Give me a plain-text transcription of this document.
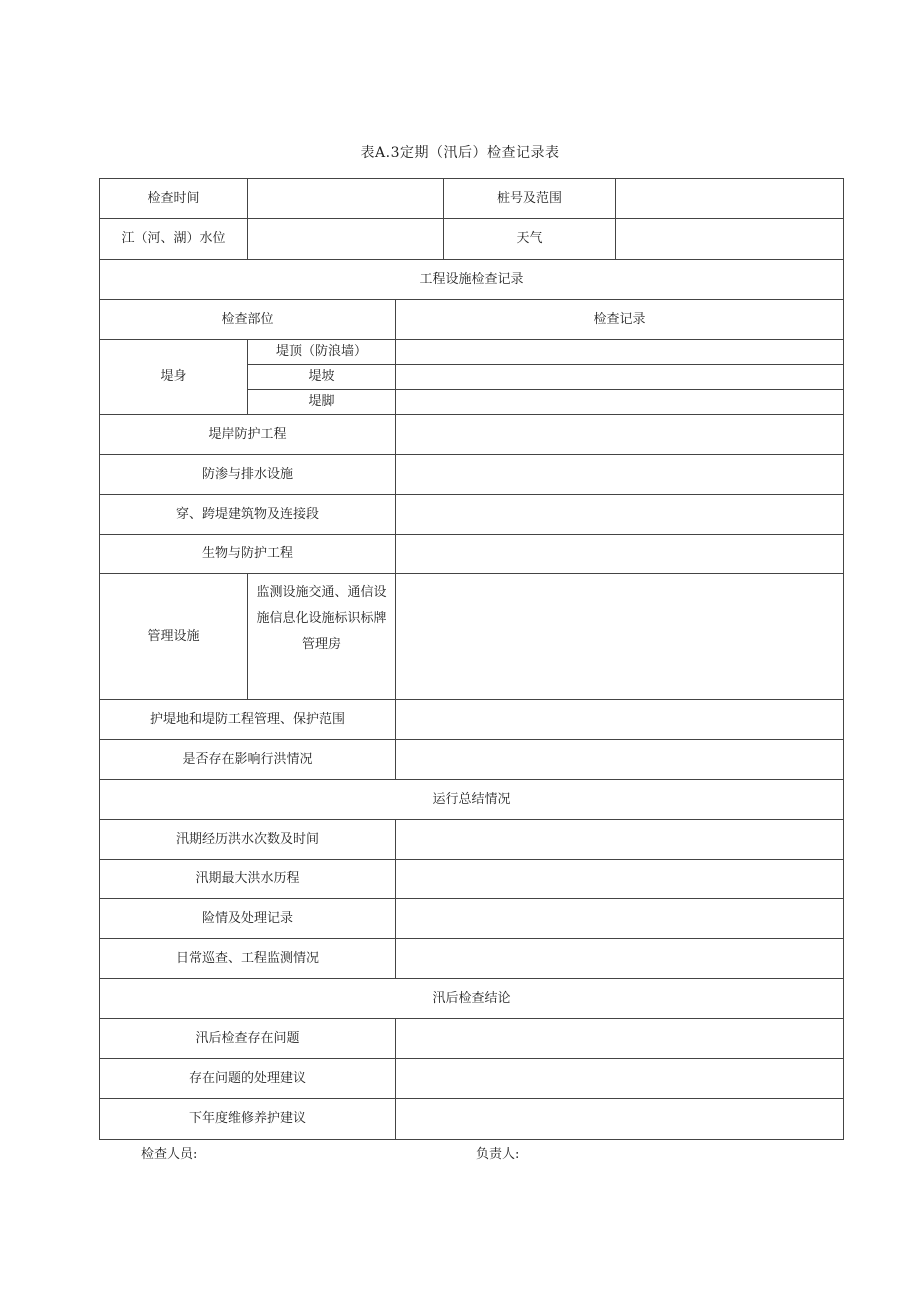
表A.3定期（汛后）检查记录表
检查时间			桩号及范围	
江（河、湖）水位			天气	
工程设施检查记录				
检查部位		检查记录		
堤身	堤顶（防浪墙）			
	堤坡			
	堤脚			
堤岸防护工程				
防渗与排水设施				
穿、跨堤建筑物及连接段				
生物与防护工程				
管理设施	监测设施交通、通信设
施信息化设施标识标牌
管理房			

护堤地和堤防工程管理、保护范围				
是否存在影响行洪情况				
运行总结情况				
汛期经历洪水次数及时间				
汛期最大洪水历程				
险情及处理记录				
日常巡查、工程监测情况				
汛后检查结论				
汛后检查存在问题				
存在问题的处理建议				
下年度维修养护建议				
检查人员:	负责人:
